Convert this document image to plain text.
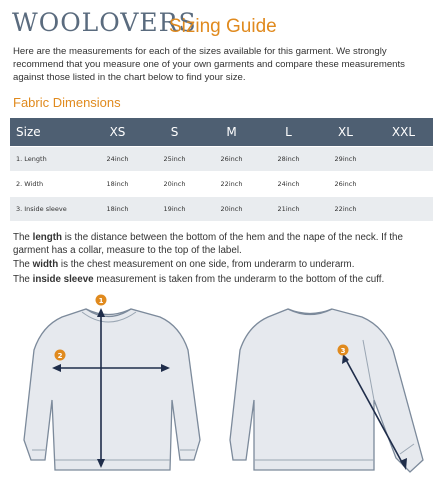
WOOLOVERS
Sizing Guide

Here are the measurements for each of the sizes available for this garment. We strongly recommend that you measure one of your own garments and compare these measurements against those listed in the chart below to find your size.

Fabric Dimensions
Size	XS	S	M	L	XL	XXL
1. Length	24inch	25inch	26inch	28inch	29inch	
2. Width	18inch	20inch	22inch	24inch	26inch	
3. Inside sleeve	18inch	19inch	20inch	21inch	22inch	

The length is the distance between the bottom of the hem and the nape of the neck. If the garment has a collar, measure to the top of the label.

The width is the chest measurement on one side, from underarm to underarm.

The inside sleeve measurement is taken from the underarm to the bottom of the cuff.

1
2
3
